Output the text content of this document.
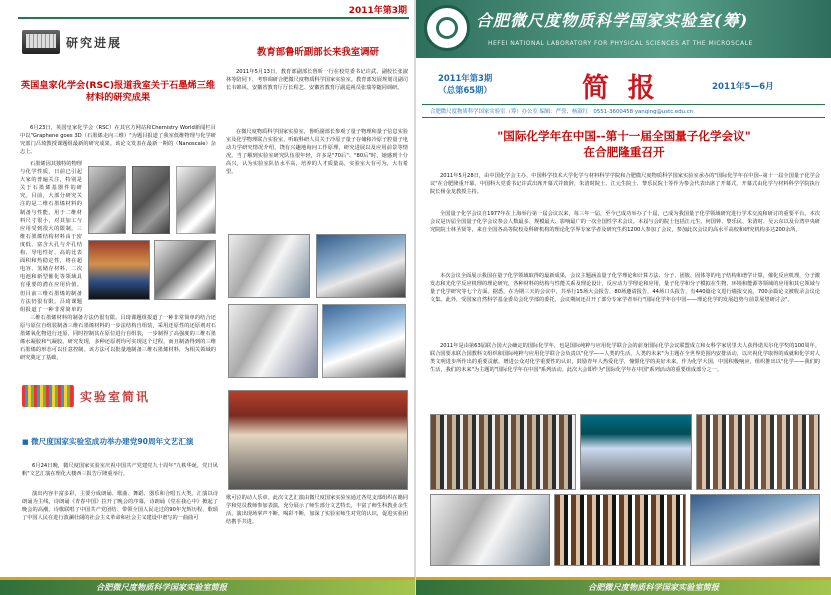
2011年第3期
研究进展
英国皇家化学会(RSC)报道我室关于石墨烯三维材料的研究成果
6月23日，英国皇家化学会（RSC）在其官方网站和Chemistry World新闻栏目中以"Graphene goes 3D（石墨烯走向三维）"为题目报道了我室低维物理与化学研究部门吕琦教授课题组最新的研究成果。该论文发表在最新一期的（Nanoscale）杂志上。
石墨烯因其独特的物理与化学性质，日前已引起大家的普遍关注，特别是关于石墨烯基器件的研究。目前，大部分研究关注的是二维石墨烯材料的制备与性能。用于二维材料尺寸很小，对其加工与应用受到很大的限制。三维石墨烯结构材料由于密度低、富含大孔与介孔结构、导电性好、高的比表面积和热稳定性，将在超电容、氢储存材料、二次电池和新型催化等领域具有重要的潜在应用价值。但目前三维石墨烯的制备方法仍很有限。吕琦课题组报道了一种非常简单的
三维石墨烯材料的制备方法仍很有限。吕琦课题组报道了一种非常简单的结合还原与原位自组装制备三维石墨烯材料的一步法结构自组装，采用还原性的还原剂对石墨烯氧化物进行还原，同时控制其在原位进行自组装，一步制得了高强度的三维石墨烯水凝胶和气凝胶。研究发现，多种还原剂均可实现这个过程，而且制备得到的三维石墨烯的形态可以任意控制。该方法可以批量地制备三维石墨烯材料，为相关领域的研究奠定了基础。
教育部鲁昕副部长来我室调研
2011年5月13日，教育部副部长鲁昕一行在校党委书记许武、副校长张淑林等陪同下，考察调研合肥微尺度物质科学国家实验室。教育部发展规划司副司长韦锦风、安徽省教育厅厅长程艺、安徽省教育厅副巡视员张瑞等随同调研。
在微尺度物质科学国家实验室，鲁昕副部长参观了量子物理和量子信息实验室及化学物理联合实验室，听取科研人员关于冷原子量子存储和冷原子腔量子电动力学研究情况介绍，饶有兴趣地询问工作原理、研究进展以及应用前景等情况。当了解到实验室研究队伍很年轻，许多是"70后"、"80后"时，她感到十分高兴，认为实验室队伍水平高，培养的人才质量高，实验室大有可为，大有希望。
实验室简讯
■ 微尺度国家实验室成功举办建党90周年文艺汇演
6月24日晚，微尺度国家实验室庆祝中国共产党建党九十周年"九秩华诞，党日风帆"文艺汇演在理化大楼西三报告厅隆重举行。
演出内容丰富多彩，主要分成朗诵、歌曲、舞蹈、器乐和合唱五大类。汇演以诗朗诵为主线，诗朗诵《青春中国》拉开了晚会的序幕，诗朗诵《党在我心中》掀起了晚会的高潮，诗歌联唱了中国共产党团结、带领全国人民走过的90年光辉历程，歌颂了中国人民在进行波澜壮阔的社会主义革命和社会主义建设中谱写的一曲曲可
歌可泣的动人乐章。此次文艺汇演由微尺度国家实验室通过各党支部组织在籍同学和党员教师参加表演，充分展示了师生部分文艺特长，丰富了师生科教业余生活，演出现场掌声不断，喝彩不断，加深了实验室师生对党的认识，促进实验团结携手共进。
合肥微尺度物质科学国家实验室简报
合肥微尺度物质科学国家实验室(筹)
HEFEI NATIONAL LABORATORY FOR PHYSICAL SCIENCES AT THE MICROSCALE
2011年第3期
（总第65期）	简  报	2011年5—6月
合肥微尺度物质科学国家实验室（筹）办公室 编辑：严誉、杨淑红　0551-3600458 yanqing@ustc.edu.cn
"国际化学年在中国--第十一届全国量子化学会议"
在合肥隆重召开
2011年5月28日，由中国化学会主办、中国科学技术大学化学与材料科学学院和合肥微尺度物质科学国家实验室承办的"国际化学年在中国--第十一届全国量子化学会议"在合肥隆重开幕。中国科大党委书记许武出席开幕式并致辞，朱清时院士、江元生院士、黎乐民院士等作为参会代表出席了开幕式，开幕式由化学与材料科学学院执行院长杨金龙教授主持。
全国量子化学会议自1977年在上海举行第一届会议以来，每三年一届，至今已成功举办了十届，已成为我国量子化学领域研究进行学术交流和研讨的重要平台。本次会议是历届全国量子化学会议参会人数最多、规模最大、影响最广的一次全国性学术会议。本届与会的院士包括江元生、何国钟、黎乐民、朱清时、吴云东以及台湾中央研究院院士林圣贤等，来自全国各高等院校及科研机构的理论化学界专家学者及研究生约1200人参加了会议，参加此次会议的高水平高校和研究机构多达200余所。
本次会议全面展示我国在量子化学领域取得的最新成果，会议主题涵盖量子化学理论和计算方法、分子、团簇、固体等的电子结构和谱学计算，催化反应机理，分子激发态和光化学反应机理的理论研究，各种材料的结构与性能关系及理论设计，反应动力学理论和应用，量子化学和分子模拟在生物、环境和能源等领域的应用和其它领域与量子化学研究等七个方面。据悉，在为期三天的会议中，共举行15场大会报告，80场邀请报告，44场口头报告，有440篇论文进行墙报交流，700余篇论文被收录会议论文集。此外，受国家自然科学基金委员会化学部的委托，会议期间还召开了部分专家学者举行"国际化学年在中国——理论化学的发展趋势与前景展望研讨会"。
2011年是由第63届联合国大会确定的国际化学年，也是国际纯粹与应用化学联合会的前身国际化学会议联盟成立和女科学家居里夫人获得诺贝尔化学奖的100周年。联合国要求联合国教科文组织和国际纯粹与应用化学联合会负责以"化学——人类的生活，人类的未来"为主题在全世界范围内安排活动，以庆祝化学取得的成就和化学对人类文明进步所作出的重要贡献，增进公众对化学重要性的认识，鼓励青年人热爱化学，憧憬化学的美好未来。作为化学大国，中国积极响应，组织推出以"化学——我们的生活，我们的未来"为主题的"国际化学年在中国"系列活动。此次大会即作为"国际化学年在中国"系列活动的重要组成部分之一。
合肥微尺度物质科学国家实验室简报
